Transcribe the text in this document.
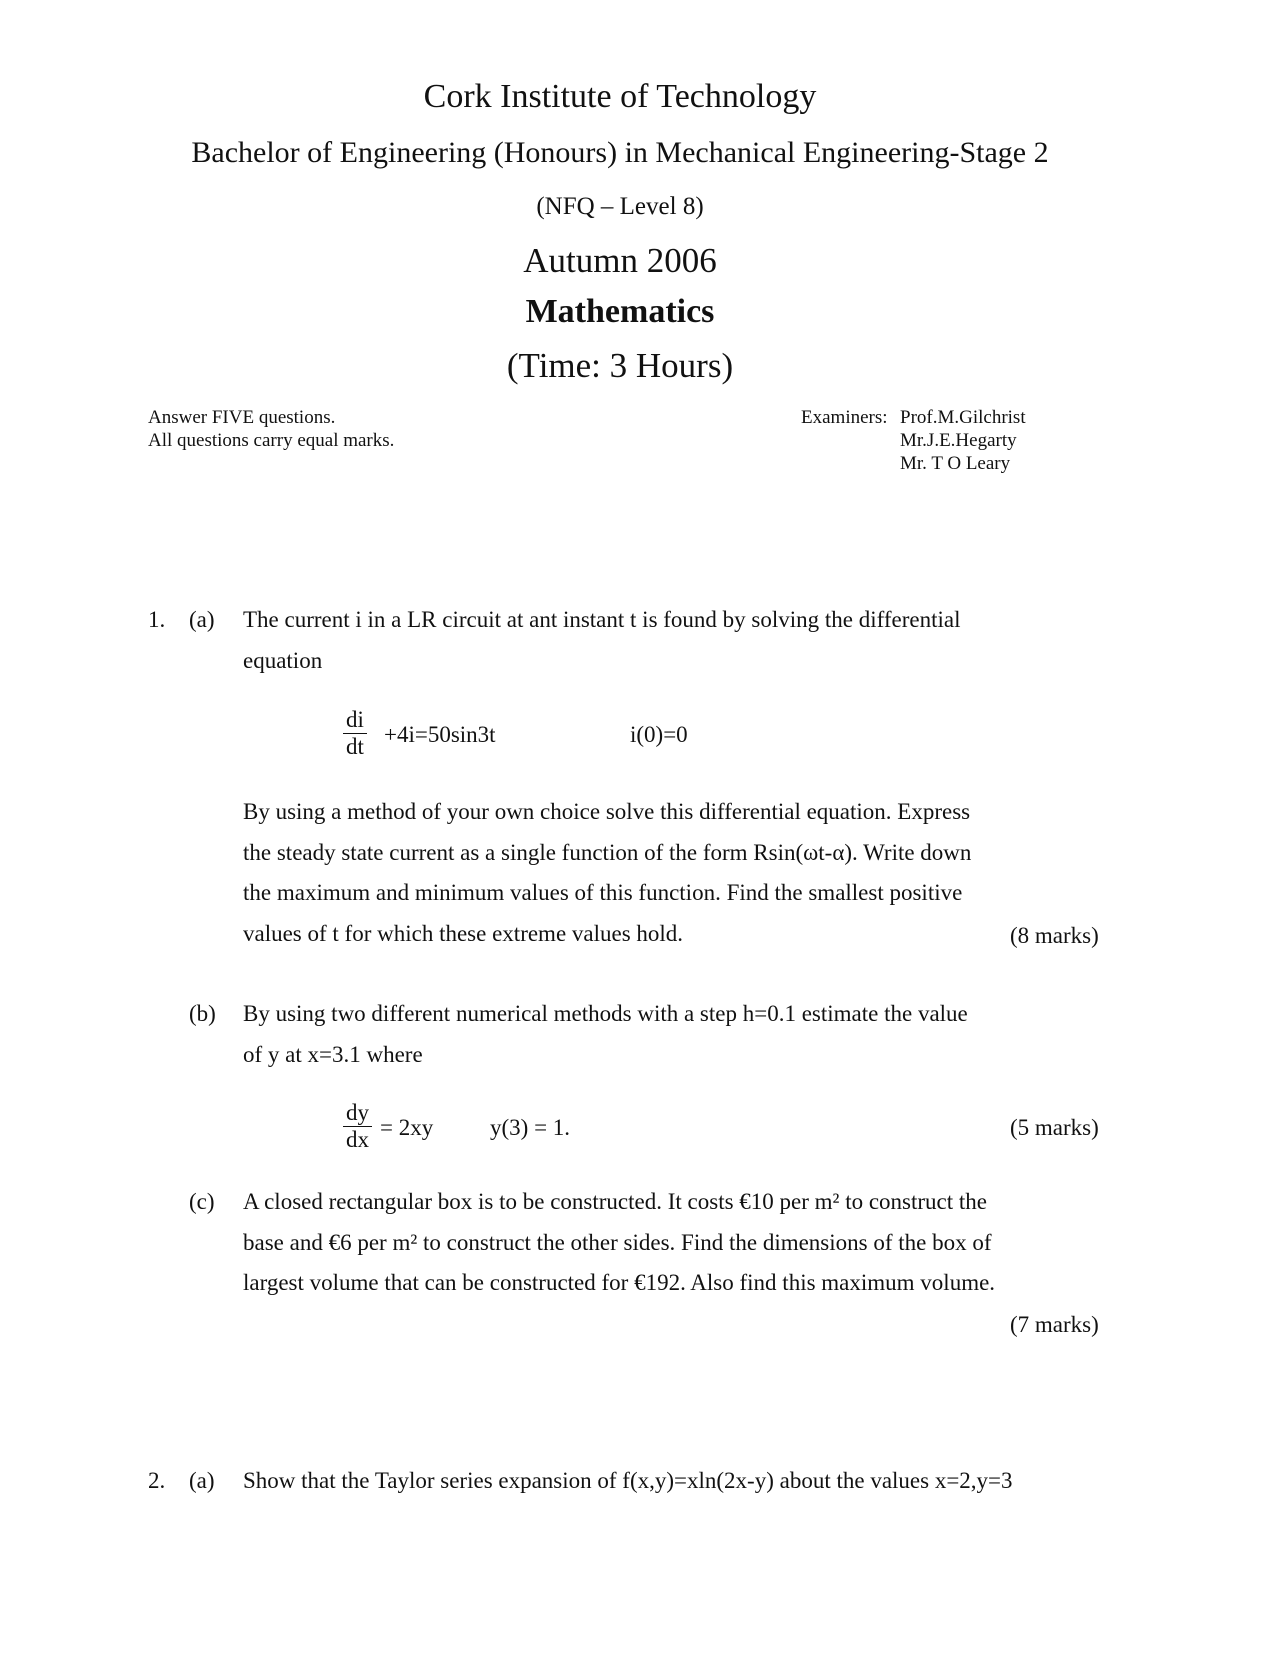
Cork Institute of Technology
Bachelor of Engineering (Honours) in Mechanical Engineering-Stage 2
(NFQ – Level 8)
Autumn 2006
Mathematics
(Time: 3 Hours)
Answer FIVE questions.
All questions carry equal marks.
Examiners: Prof.M.Gilchrist
Mr.J.E.Hegarty
Mr. T O Leary
1. (a) The current i in a LR circuit at ant instant t is found by solving the differential
equation
$\frac{di}{dt} +4i=50\sin 3t$	i(0)=0
By using a method of your own choice solve this differential equation. Express
the steady state current as a single function of the form Rsin(ωt-α). Write down
the maximum and minimum values of this function. Find the smallest positive
values of t for which these extreme values hold.	(8 marks)
(b) By using two different numerical methods with a step h=0.1 estimate the value
of y at x=3.1 where
$\frac{dy}{dx} = 2xy$ y(3) = 1.	(5 marks)
(c) A closed rectangular box is to be constructed. It costs €10 per m² to construct the
base and €6 per m² to construct the other sides. Find the dimensions of the box of
largest volume that can be constructed for €192. Also find this maximum volume.
(7 marks)
2. (a) Show that the Taylor series expansion of f(x,y)=xln(2x-y) about the values x=2,y=3
